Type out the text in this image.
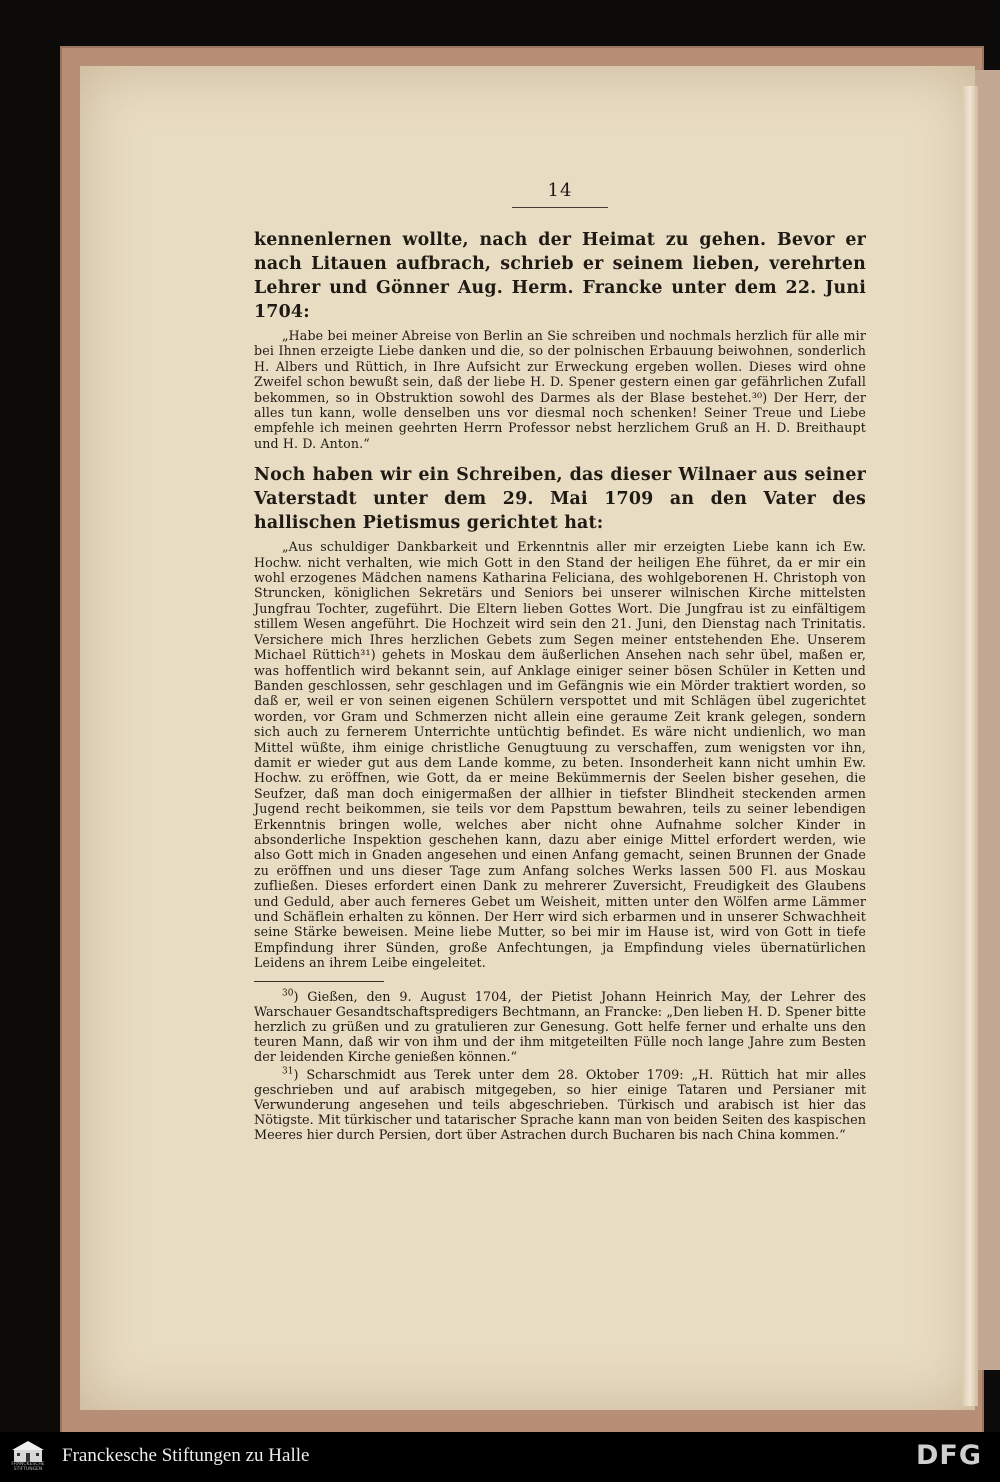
14

kennenlernen wollte, nach der Heimat zu gehen. Bevor er nach Litauen aufbrach, schrieb er seinem lieben, verehrten Lehrer und Gönner Aug. Herm. Francke unter dem 22. Juni 1704:

„Habe bei meiner Abreise von Berlin an Sie schreiben und nochmals herzlich für alle mir bei Ihnen erzeigte Liebe danken und die, so der polnischen Erbauung beiwohnen, sonderlich H. Albers und Rüttich, in Ihre Aufsicht zur Erweckung ergeben wollen. Dieses wird ohne Zweifel schon bewußt sein, daß der liebe H. D. Spener gestern einen gar gefährlichen Zufall bekommen, so in Obstruktion sowohl des Darmes als der Blase bestehet.³⁰) Der Herr, der alles tun kann, wolle denselben uns vor diesmal noch schenken! Seiner Treue und Liebe empfehle ich meinen geehrten Herrn Professor nebst herzlichem Gruß an H. D. Breithaupt und H. D. Anton.“

Noch haben wir ein Schreiben, das dieser Wilnaer aus seiner Vaterstadt unter dem 29. Mai 1709 an den Vater des hallischen Pietismus gerichtet hat:

„Aus schuldiger Dankbarkeit und Erkenntnis aller mir erzeigten Liebe kann ich Ew. Hochw. nicht verhalten, wie mich Gott in den Stand der heiligen Ehe führet, da er mir ein wohl erzogenes Mädchen namens Katharina Feliciana, des wohlgeborenen H. Christoph von Struncken, königlichen Sekretärs und Seniors bei unserer wilnischen Kirche mittelsten Jungfrau Tochter, zugeführt. Die Eltern lieben Gottes Wort. Die Jungfrau ist zu einfältigem stillem Wesen angeführt. Die Hochzeit wird sein den 21. Juni, den Dienstag nach Trinitatis. Versichere mich Ihres herzlichen Gebets zum Segen meiner entstehenden Ehe. Unserem Michael Rüttich³¹) gehets in Moskau dem äußerlichen Ansehen nach sehr übel, maßen er, was hoffentlich wird bekannt sein, auf Anklage einiger seiner bösen Schüler in Ketten und Banden geschlossen, sehr geschlagen und im Gefängnis wie ein Mörder traktiert worden, so daß er, weil er von seinen eigenen Schülern verspottet und mit Schlägen übel zugerichtet worden, vor Gram und Schmerzen nicht allein eine geraume Zeit krank gelegen, sondern sich auch zu fernerem Unterrichte untüchtig befindet. Es wäre nicht undienlich, wo man Mittel wüßte, ihm einige christliche Genugtuung zu verschaffen, zum wenigsten vor ihn, damit er wieder gut aus dem Lande komme, zu beten. Insonderheit kann nicht umhin Ew. Hochw. zu eröffnen, wie Gott, da er meine Bekümmernis der Seelen bisher gesehen, die Seufzer, daß man doch einigermaßen der allhier in tiefster Blindheit steckenden armen Jugend recht beikommen, sie teils vor dem Papsttum bewahren, teils zu seiner lebendigen Erkenntnis bringen wolle, welches aber nicht ohne Aufnahme solcher Kinder in absonderliche Inspektion geschehen kann, dazu aber einige Mittel erfordert werden, wie also Gott mich in Gnaden angesehen und einen Anfang gemacht, seinen Brunnen der Gnade zu eröffnen und uns dieser Tage zum Anfang solches Werks lassen 500 Fl. aus Moskau zufließen. Dieses erfordert einen Dank zu mehrerer Zuversicht, Freudigkeit des Glaubens und Geduld, aber auch ferneres Gebet um Weisheit, mitten unter den Wölfen arme Lämmer und Schäflein erhalten zu können. Der Herr wird sich erbarmen und in unserer Schwachheit seine Stärke beweisen. Meine liebe Mutter, so bei mir im Hause ist, wird von Gott in tiefe Empfindung ihrer Sünden, große Anfechtungen, ja Empfindung vieles übernatürlichen Leidens an ihrem Leibe eingeleitet.

$^{30}$) Gießen, den 9. August 1704, der Pietist Johann Heinrich May, der Lehrer des Warschauer Gesandtschaftspredigers Bechtmann, an Francke: „Den lieben H. D. Spener bitte herzlich zu grüßen und zu gratulieren zur Genesung. Gott helfe ferner und erhalte uns den teuren Mann, daß wir von ihm und der ihm mitgeteilten Fülle noch lange Jahre zum Besten der leidenden Kirche genießen können.“

$^{31}$) Scharschmidt aus Terek unter dem 28. Oktober 1709: „H. Rüttich hat mir alles geschrieben und auf arabisch mitgegeben, so hier einige Tataren und Persianer mit Verwunderung angesehen und teils abgeschrieben. Türkisch und arabisch ist hier das Nötigste. Mit türkischer und tatarischer Sprache kann man von beiden Seiten des kaspischen Meeres hier durch Persien, dort über Astrachen durch Bucharen bis nach China kommen.“

FRANCKESCHE STIFTUNGEN
Franckesche Stiftungen zu Halle	DFG
